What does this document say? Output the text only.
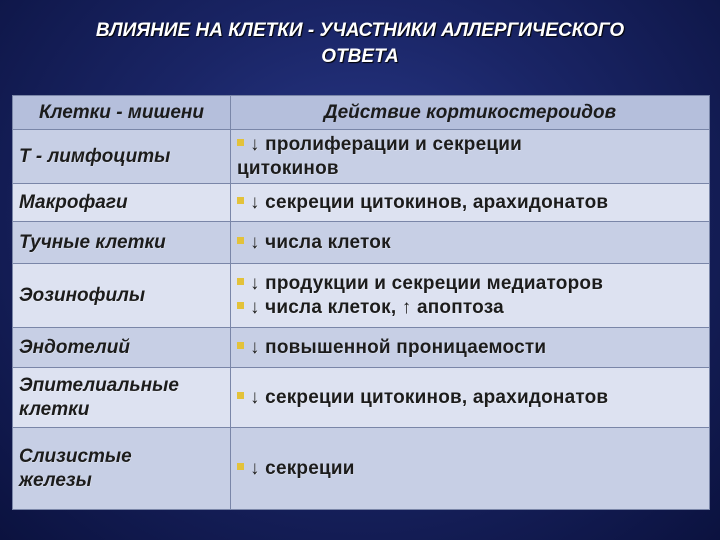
ВЛИЯНИЕ НА КЛЕТКИ - УЧАСТНИКИ АЛЛЕРГИЧЕСКОГО
ОТВЕТА
Клетки - мишени	Действие кортикостероидов
Т - лимфоциты	↓ пролиферации и секреции
цитокинов

Макрофаги	↓ секреции цитокинов, арахидонатов

Тучные клетки	↓ числа клеток

Эозинофилы	↓ продукции и секреции медиаторов
↓ числа клеток, ↑ апоптоза

Эндотелий	↓ повышенной проницаемости

Эпителиальные
клетки	↓ секреции цитокинов, арахидонатов

Слизистые
железы	↓ секреции
